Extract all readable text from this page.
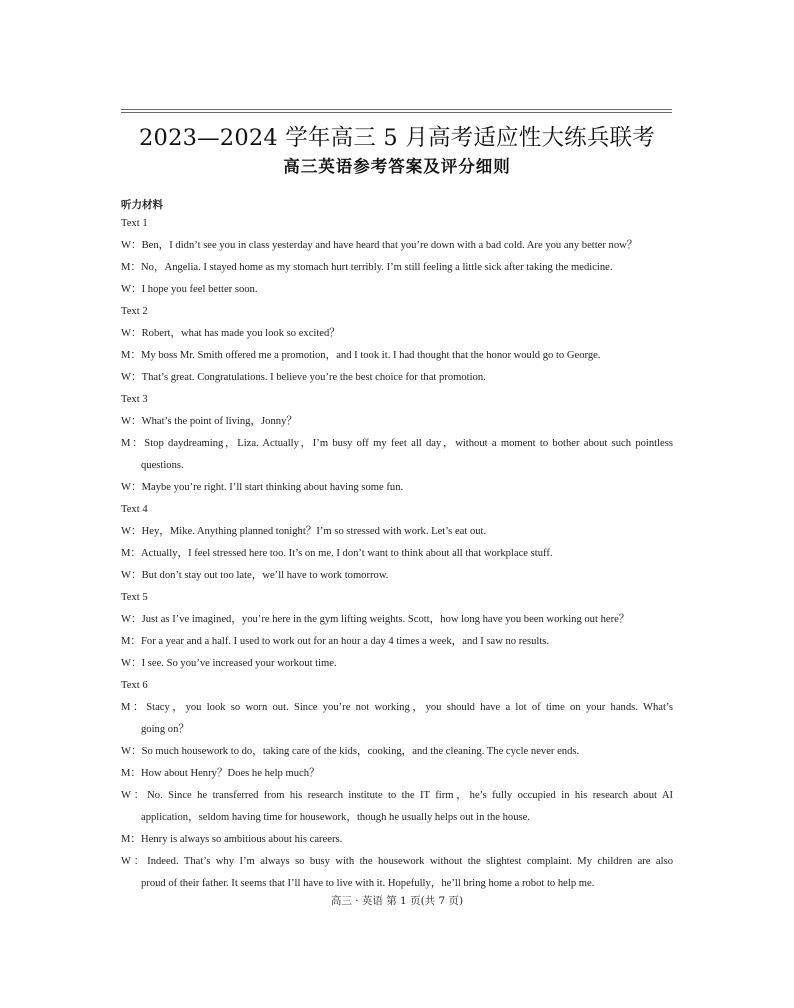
2023—2024 学年高三 5 月高考适应性大练兵联考
高三英语参考答案及评分细则
听力材料
Text 1
W：Ben，I didn’t see you in class yesterday and have heard that you’re down with a bad cold. Are you any better now？
M：No，Angelia. I stayed home as my stomach hurt terribly. I’m still feeling a little sick after taking the medicine.
W：I hope you feel better soon.
Text 2
W：Robert，what has made you look so excited？
M：My boss Mr. Smith offered me a promotion，and I took it. I had thought that the honor would go to George.
W：That’s great. Congratulations. I believe you’re the best choice for that promotion.
Text 3
W：What’s the point of living，Jonny？
M：Stop daydreaming，Liza. Actually，I’m busy off my feet all day，without a moment to bother about such pointless
questions.
W：Maybe you’re right. I’ll start thinking about having some fun.
Text 4
W：Hey，Mike. Anything planned tonight？I’m so stressed with work. Let’s eat out.
M：Actually，I feel stressed here too. It’s on me. I don’t want to think about all that workplace stuff.
W：But don’t stay out too late，we’ll have to work tomorrow.
Text 5
W：Just as I’ve imagined，you’re here in the gym lifting weights. Scott，how long have you been working out here？
M：For a year and a half. I used to work out for an hour a day 4 times a week，and I saw no results.
W：I see. So you’ve increased your workout time.
Text 6
M：Stacy，you look so worn out. Since you’re not working，you should have a lot of time on your hands. What’s
going on？
W：So much housework to do，taking care of the kids，cooking，and the cleaning. The cycle never ends.
M：How about Henry？Does he help much？
W：No. Since he transferred from his research institute to the IT firm，he’s fully occupied in his research about AI
application，seldom having time for housework，though he usually helps out in the house.
M：Henry is always so ambitious about his careers.
W：Indeed. That’s why I’m always so busy with the housework without the slightest complaint. My children are also
proud of their father. It seems that I’ll have to live with it. Hopefully，he’ll bring home a robot to help me.
高三 · 英语 第 1 页(共 7 页)
